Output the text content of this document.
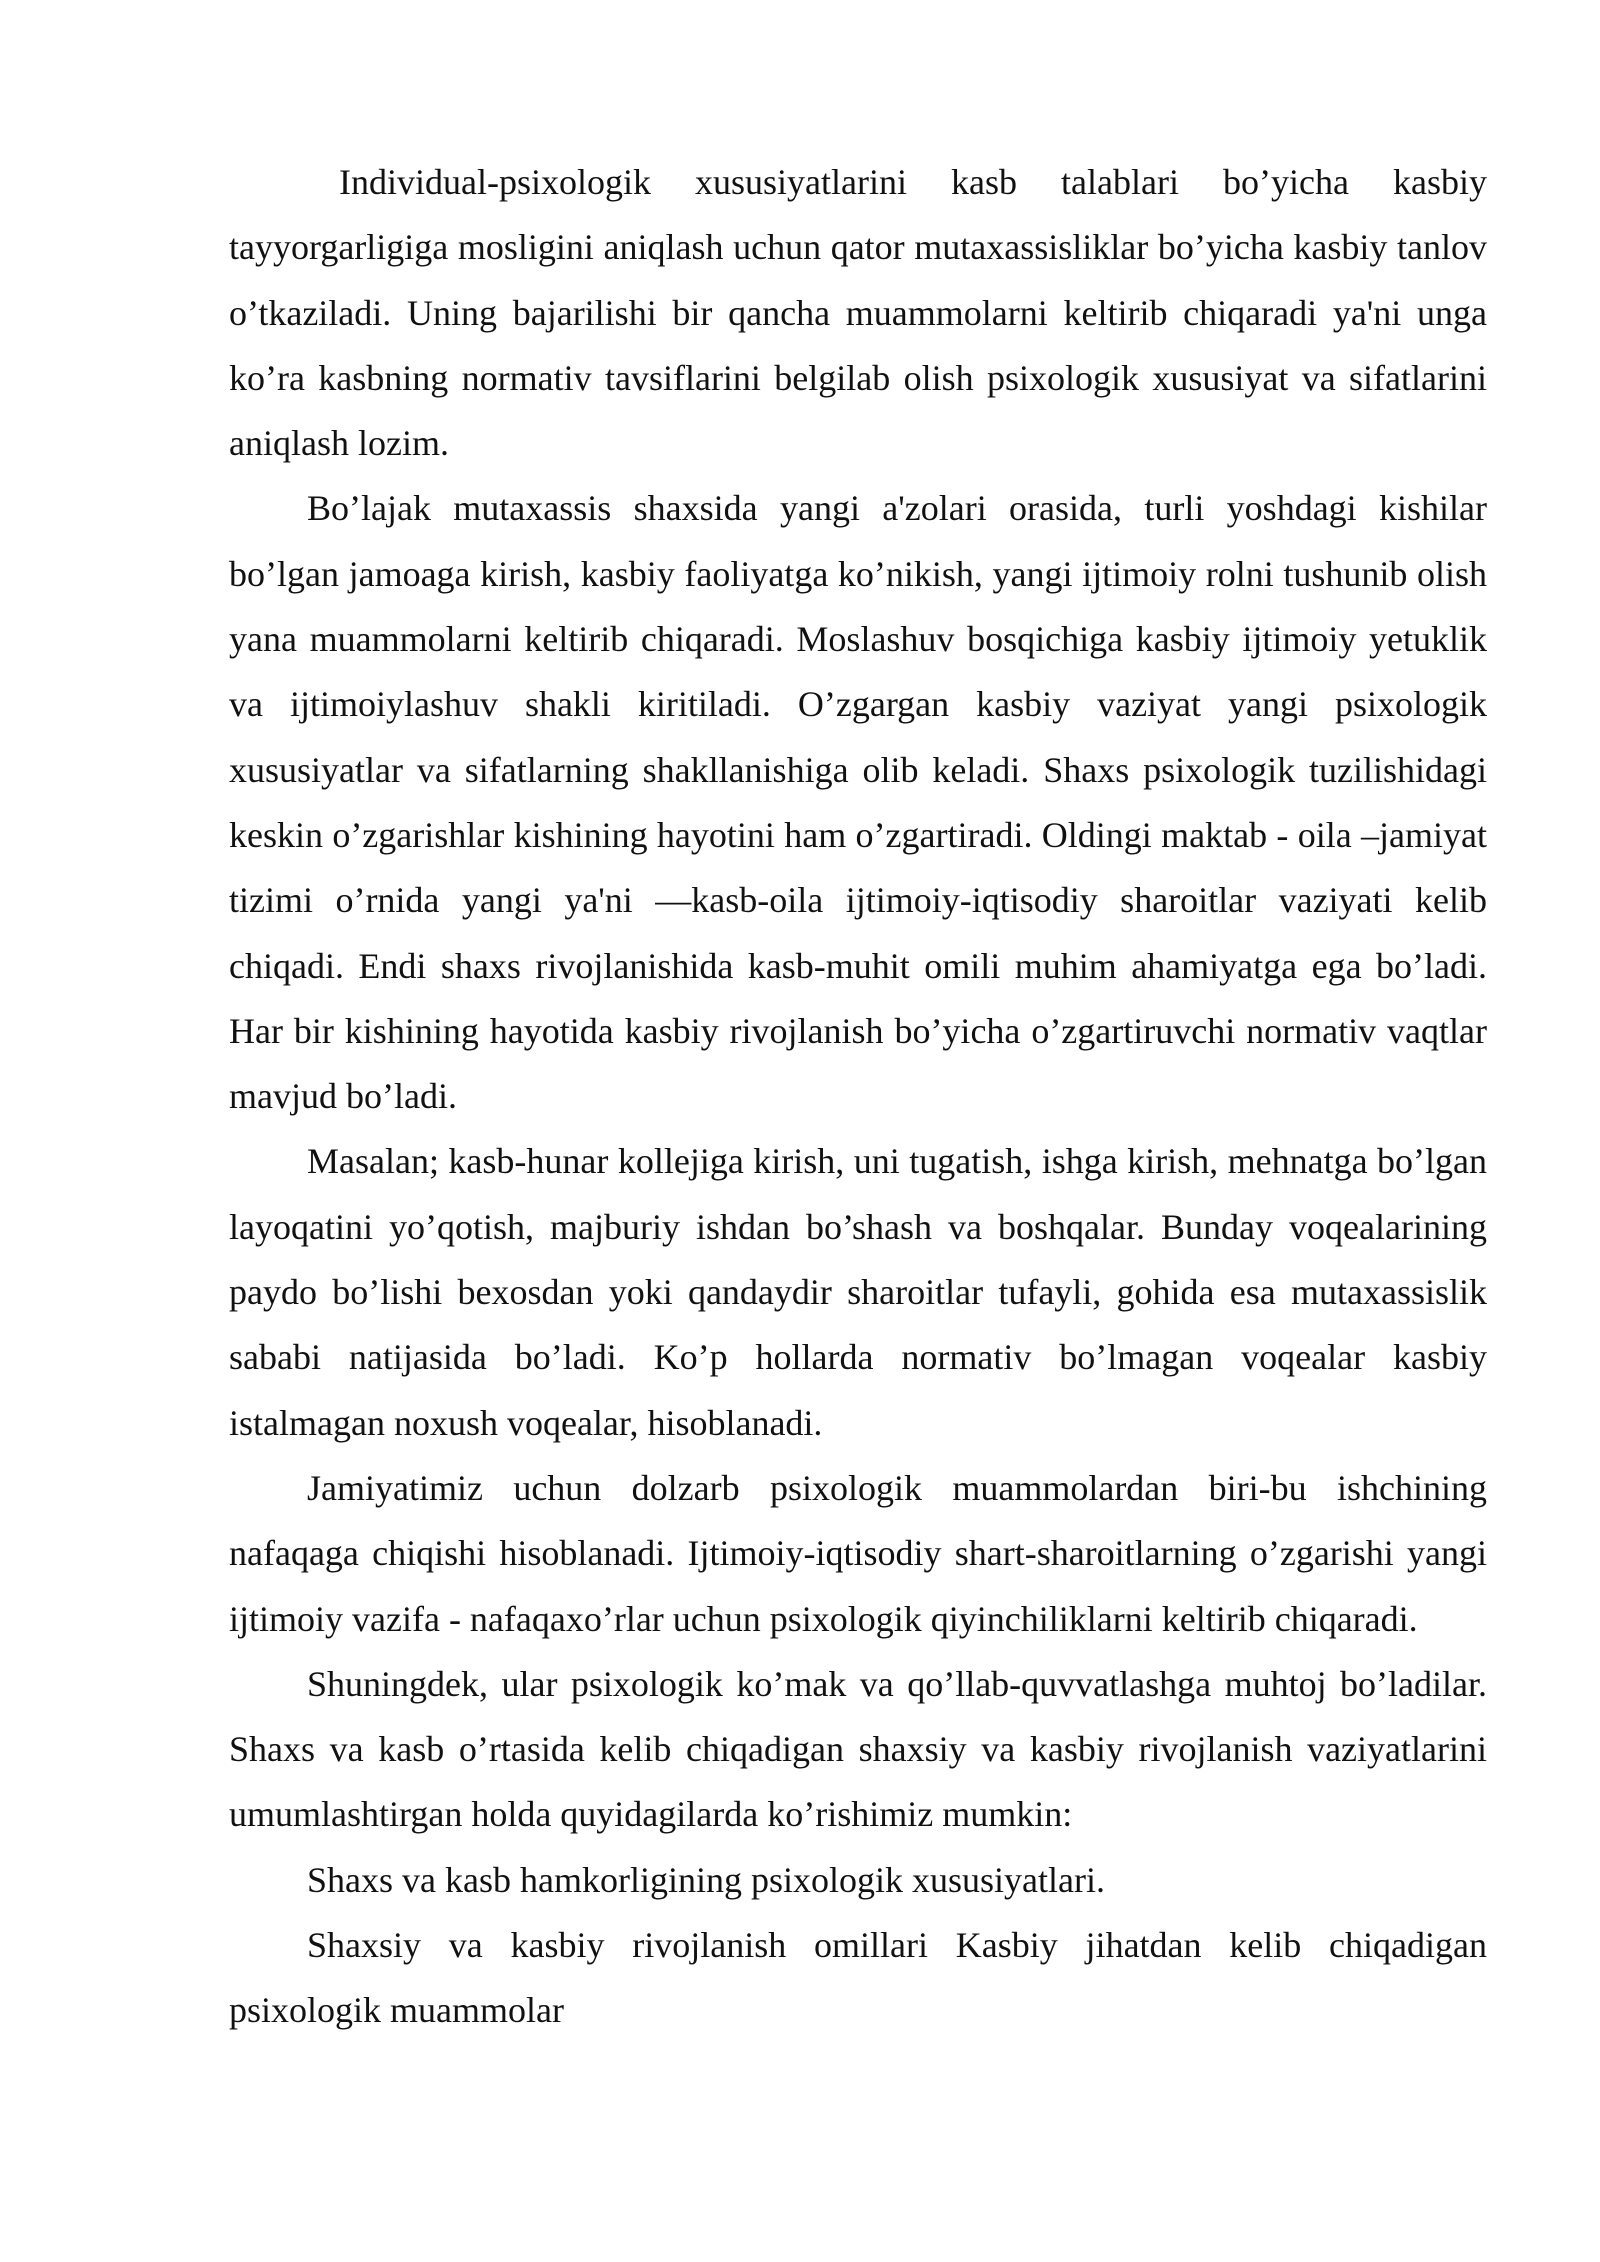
Individual-psixologik xususiyatlarini kasb talablari bo’yicha kasbiy tayyorgarligiga mosligini aniqlash uchun qator mutaxassisliklar bo’yicha kasbiy tanlov o’tkaziladi. Uning bajarilishi bir qancha muammolarni keltirib chiqaradi ya'ni unga ko’ra kasbning normativ tavsiflarini belgilab olish psixologik xususiyat va sifatlarini aniqlash lozim.

Bo’lajak mutaxassis shaxsida yangi a'zolari orasida, turli yoshdagi kishilar bo’lgan jamoaga kirish, kasbiy faoliyatga ko’nikish, yangi ijtimoiy rolni tushunib olish yana muammolarni keltirib chiqaradi. Moslashuv bosqichiga kasbiy ijtimoiy yetuklik va ijtimoiylashuv shakli kiritiladi. O’zgargan kasbiy vaziyat yangi psixologik xususiyatlar va sifatlarning shakllanishiga olib keladi. Shaxs psixologik tuzilishidagi keskin o’zgarishlar kishining hayotini ham o’zgartiradi. Oldingi maktab - oila –jamiyat tizimi o’rnida yangi ya'ni ―kasb-oila ijtimoiy-iqtisodiy sharoitlar vaziyati kelib chiqadi. Endi shaxs rivojlanishida kasb-muhit omili muhim ahamiyatga ega bo’ladi. Har bir kishining hayotida kasbiy rivojlanish bo’yicha o’zgartiruvchi normativ vaqtlar mavjud bo’ladi.

Masalan; kasb-hunar kollejiga kirish, uni tugatish, ishga kirish, mehnatga bo’lgan layoqatini yo’qotish, majburiy ishdan bo’shash va boshqalar. Bunday voqealarining paydo bo’lishi bexosdan yoki qandaydir sharoitlar tufayli, gohida esa mutaxassislik sababi natijasida bo’ladi. Ko’p hollarda normativ bo’lmagan voqealar kasbiy istalmagan noxush voqealar, hisoblanadi.

Jamiyatimiz uchun dolzarb psixologik muammolardan biri-bu ishchining nafaqaga chiqishi hisoblanadi. Ijtimoiy-iqtisodiy shart-sharoitlarning o’zgarishi yangi ijtimoiy vazifa - nafaqaxo’rlar uchun psixologik qiyinchiliklarni keltirib chiqaradi.

Shuningdek, ular psixologik ko’mak va qo’llab-quvvatlashga muhtoj bo’ladilar. Shaxs va kasb o’rtasida kelib chiqadigan shaxsiy va kasbiy rivojlanish vaziyatlarini umumlashtirgan holda quyidagilarda ko’rishimiz mumkin:

Shaxs va kasb hamkorligining psixologik xususiyatlari.

Shaxsiy va kasbiy rivojlanish omillari Kasbiy jihatdan kelib chiqadigan psixologik muammolar
